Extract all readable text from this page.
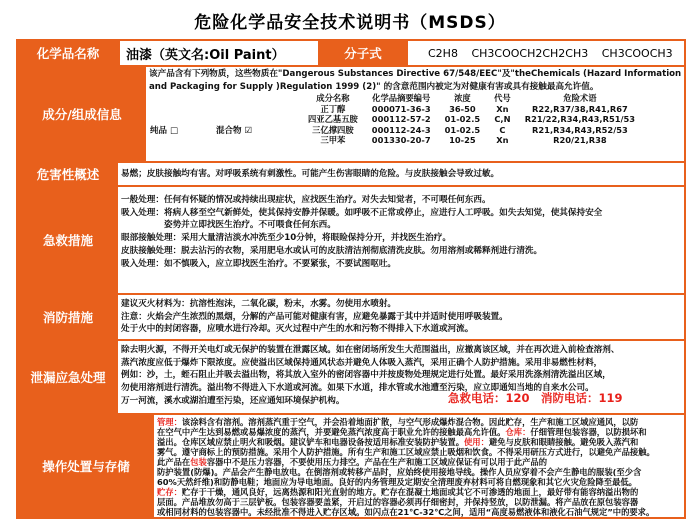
危险化学品安全技术说明书（MSDS）
化学品名称	油漆（英文名:Oil Paint）	分子式	C2H8 CH3COOCH2CH2CH3 CH3COOCH3
成分/组成信息

该产品含有下列物质，这些物质在"Dangerous Substances Directive 67/548/EEC"及"theChemicals (Hazard Information

and Packaging for Supply )Regulation 1999 (2)" 的含意范围内被定为对健康有害或具有接触最高允许值。

纯品 □	混合物 ☑
成分名称	化学品摘要编号	浓度	代号	危险术语
正丁醇	000071-36-3	36-50	Xn	R22,R37/38,R41,R67
四亚乙基五胺	000112-57-2	01-02.5	C,N	R21/22,R34,R43,R51/53
三亿撑四胺	000112-24-3	01-02.5	C	R21,R34,R43,R52/53
三甲苯	001330-20-7	10-25	Xn	R20/21,R38
危害性概述	易燃；皮肤接触均有害。对呼吸系统有刺激性。可能产生伤害眼睛的危险。与皮肤接触会导致过敏。

急救措施

一般处理：任何有怀疑的情况或持续出现症状，应找医生治疗。对失去知觉者，不可喂任何东西。

吸入处理：将病人移至空气新鲜处，使其保持安静并保暖。如呼吸不正常或停止，应进行人工呼吸。如失去知觉，使其保持安全

　　　　　姿势并立即找医生治疗。不可喂食任何东西。

眼部接触处理：采用大量清洁淡水冲洗至少10分钟，将眼睑保持分开，并找医生治疗。

皮肤接触处理：脱去沾污的衣物，采用肥皂水或认可的皮肤清洁剂彻底清洗皮肤。勿用溶剂或稀释剂进行清洗。

吸入处理：如不慎吸入，应立即找医生治疗。不要紧张，不要试图呕吐。

消防措施

建议灭火材料为：抗溶性泡沫，二氧化碳，粉末，水雾。勿使用水喷射。

注意：火焰会产生浓烈的黑烟，分解的产品可能对健康有害，应避免暴露于其中并适时使用呼吸装置。

处于火中的封闭容器，应喷水进行冷却。灭火过程中产生的水和污物不得排入下水道或河流。

泄漏应急处理

除去明火源，不得开关电灯或无保护的装置在泄露区域。如在密闭场所发生大范围溢出，应撤离该区域，并在再次进入前检查溶剂、

蒸汽浓度应低于爆炸下限浓度。应使溢出区域保持通风状态并避免人体吸入蒸汽，采用正确个人防护措施。采用非易燃性材料，

例如：沙，土，蛭石阻止并吸去溢出物，将其放入室外的密闭容器中并按废物处理规定进行处置。最好采用洗涤剂清洗溢出区域，

勿使用溶剂进行清洗。溢出物不得进入下水道或河流。如果下水道，排水管或水池遭至污染，应立即通知当地的自来水公司。

万一河流，溪水或湖泊遭至污染，还应通知环境保护机构。	急救电话：120　消防电话：119
操作处置与存储

管理：该涂料含有溶剂。溶剂蒸汽重于空气，并会沿着地面扩散，与空气形成爆炸混合物。因此贮存，生产和施工区域应通风，以防

在空气中产生达到易燃或易爆浓度的蒸汽，并要避免蒸汽浓度高于职业允许的接触最高允许值。仓库：仔细管理包装容器，以防损坏和

溢出。仓库区域应禁止明火和吸烟。建议铲车和电器设备按适用标准安装防护装置。使用：避免与皮肤和眼睛接触。避免吸入蒸汽和

雾气。遵守商标上的预防措施。采用个人防护措施。所有生产和施工区域应禁止吸烟和饮食。不得采用研压方式进行，以避免产品接触。

此产品在包装容器中不是压力容器，不要使用压力排空。产品在生产和施工区域应保证有可以用于此产品的

防护装置(防爆)。产品会产生静电放电。在倒溶剂或转移产品时，应始终使用接地导线。操作人员应穿着不会产生静电的服装(至少含

60%天然纤维)和防静电鞋；地面应为导电地面。良好的内务管理及定期安全清理废弃材料可将自燃现象和其它火灾危险降至最低。

贮存：贮存于干燥，通风良好，远离热源和阳光直射的地方。贮存在混凝土地面或其它不可渗透的地面上，最好带有能容纳溢出物的

层面。产品堆放勿高于三层铲板。包装容器要盖紧，开启过的容器必须再仔细密封，并保持竖放，以防泄漏。将产品放在原包装容器

或相同材料的包装容器中。未经批准不得进入贮存区域。如闪点在21℃-32℃之间，适用“高度易燃液体和液化石油气规定”中的要求。
